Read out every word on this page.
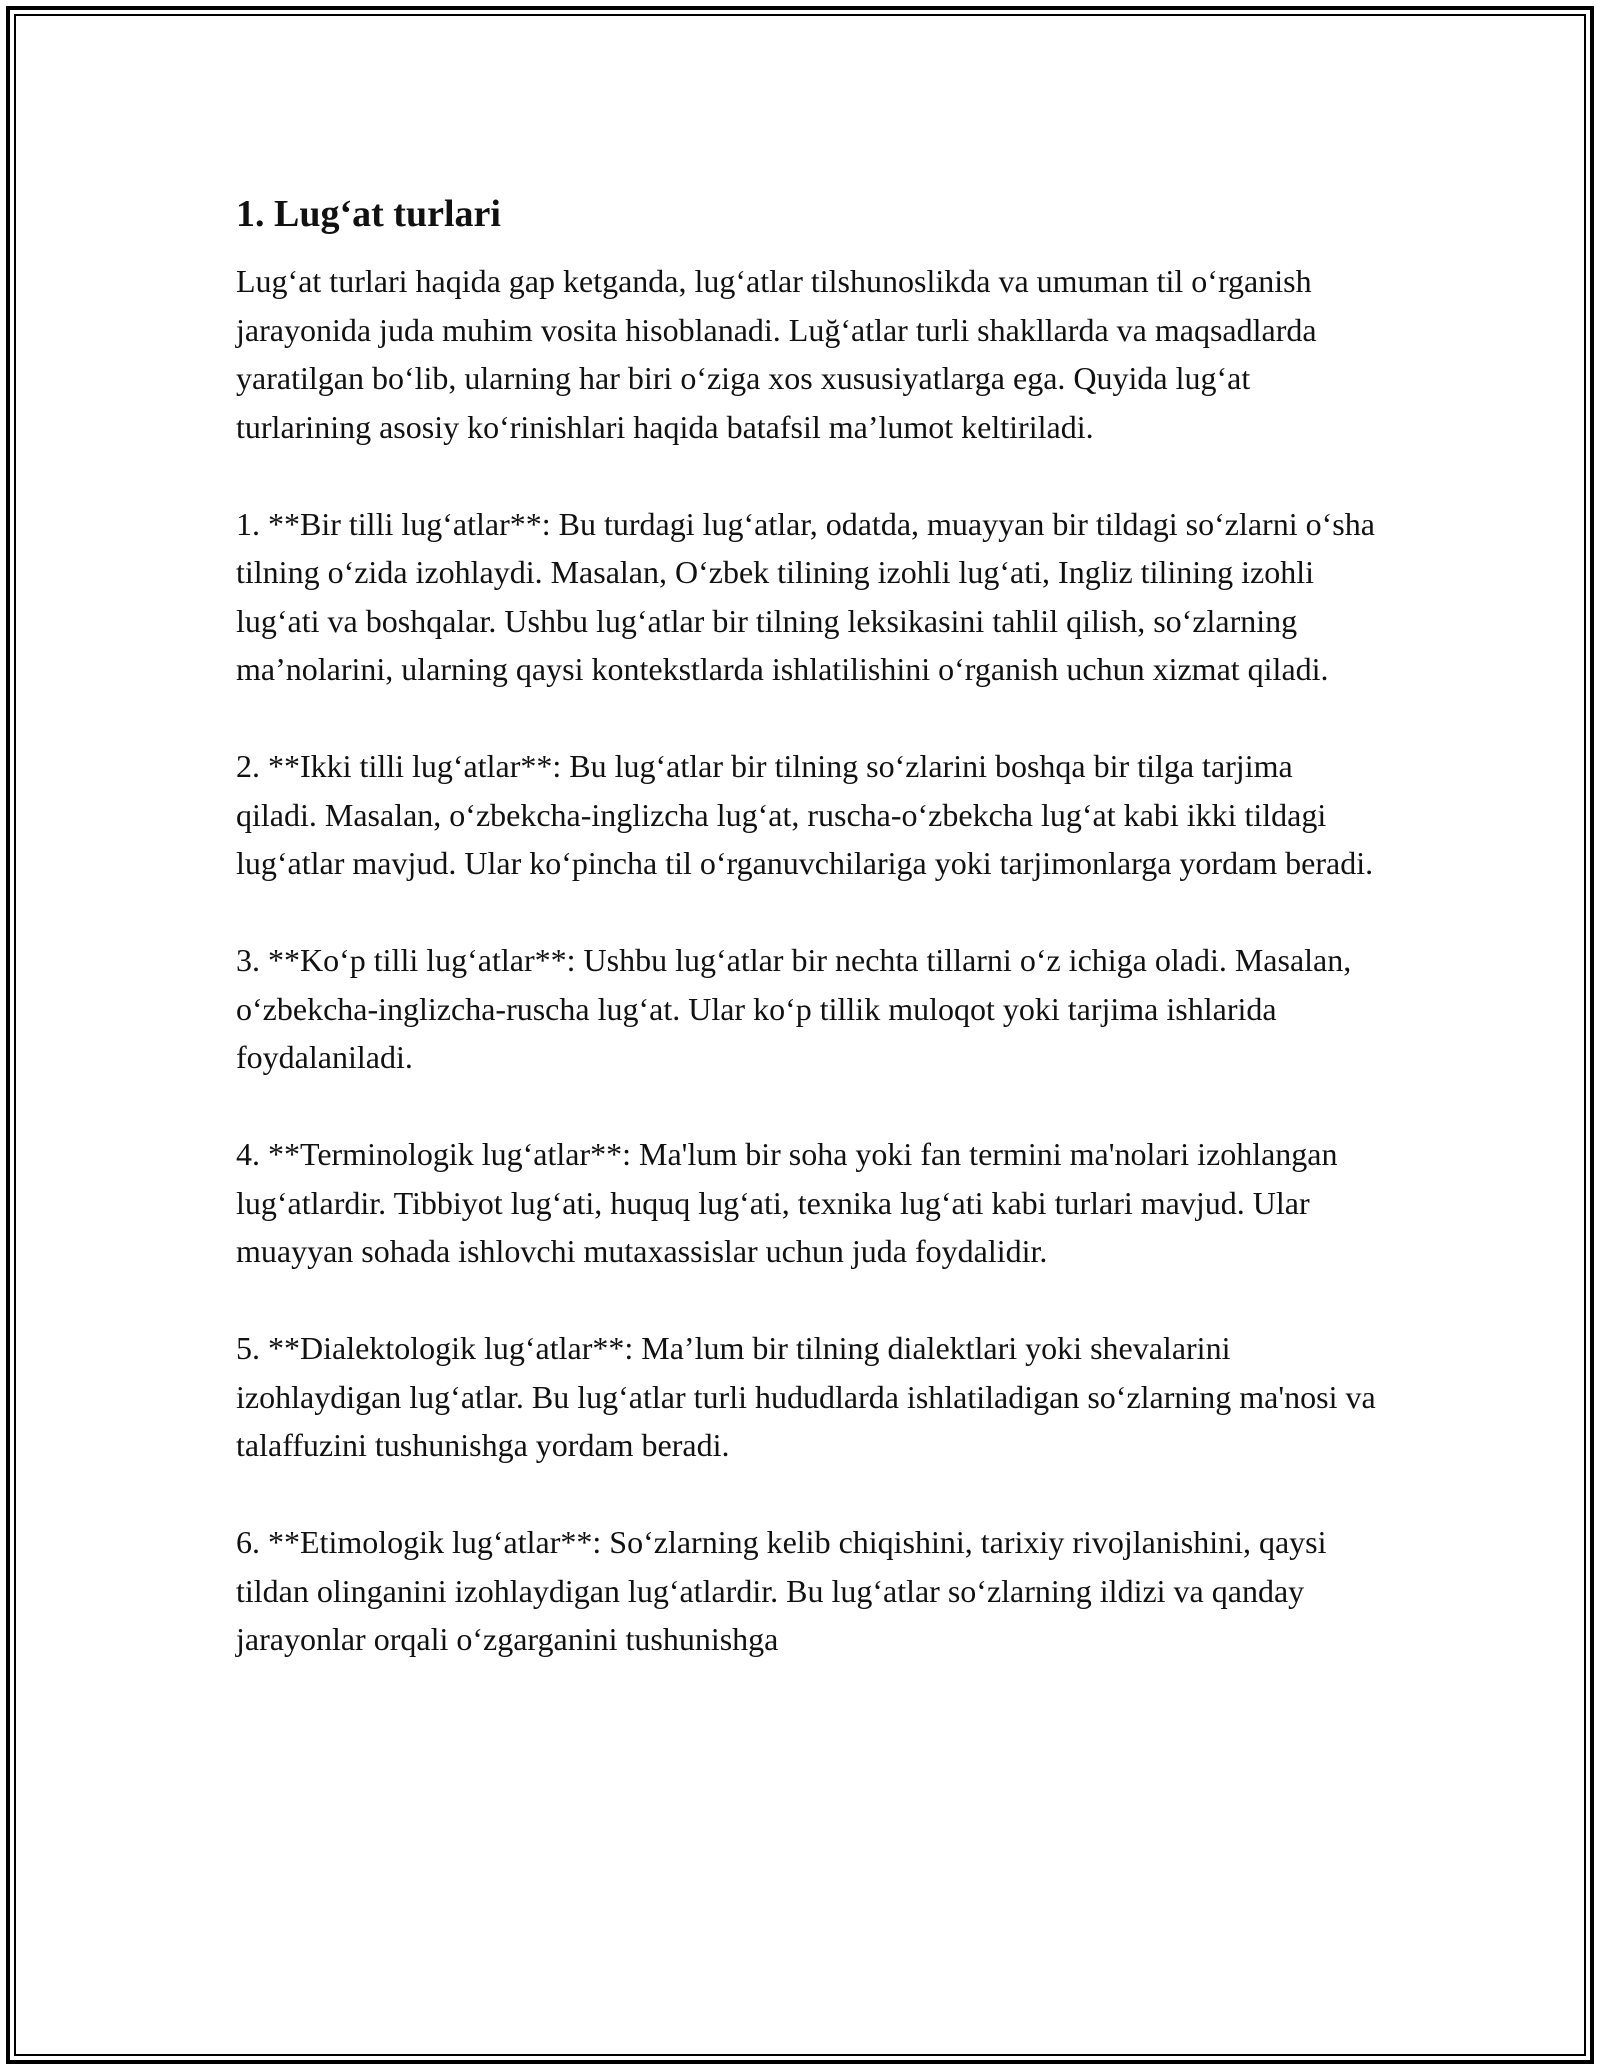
1. Lug‘at turlari

Lug‘at turlari haqida gap ketganda, lug‘atlar tilshunoslikda va umuman til o‘rganish jarayonida juda muhim vosita hisoblanadi. Luğ‘atlar turli shakllarda va maqsadlarda yaratilgan bo‘lib, ularning har biri o‘ziga xos xususiyatlarga ega. Quyida lug‘at turlarining asosiy ko‘rinishlari haqida batafsil ma’lumot keltiriladi.

1. **Bir tilli lug‘atlar**: Bu turdagi lug‘atlar, odatda, muayyan bir tildagi so‘zlarni o‘sha tilning o‘zida izohlaydi. Masalan, O‘zbek tilining izohli lug‘ati, Ingliz tilining izohli lug‘ati va boshqalar. Ushbu lug‘atlar bir tilning leksikasini tahlil qilish, so‘zlarning ma’nolarini, ularning qaysi kontekstlarda ishlatilishini o‘rganish uchun xizmat qiladi.

2. **Ikki tilli lug‘atlar**: Bu lug‘atlar bir tilning so‘zlarini boshqa bir tilga tarjima qiladi. Masalan, o‘zbekcha-inglizcha lug‘at, ruscha-o‘zbekcha lug‘at kabi ikki tildagi lug‘atlar mavjud. Ular ko‘pincha til o‘rganuvchilariga yoki tarjimonlarga yordam beradi.

3. **Ko‘p tilli lug‘atlar**: Ushbu lug‘atlar bir nechta tillarni o‘z ichiga oladi. Masalan, o‘zbekcha-inglizcha-ruscha lug‘at. Ular ko‘p tillik muloqot yoki tarjima ishlarida foydalaniladi.

4. **Terminologik lug‘atlar**: Ma'lum bir soha yoki fan termini ma'nolari izohlangan lug‘atlardir. Tibbiyot lug‘ati, huquq lug‘ati, texnika lug‘ati kabi turlari mavjud. Ular muayyan sohada ishlovchi mutaxassislar uchun juda foydalidir.

5. **Dialektologik lug‘atlar**: Ma’lum bir tilning dialektlari yoki shevalarini izohlaydigan lug‘atlar. Bu lug‘atlar turli hududlarda ishlatiladigan so‘zlarning ma'nosi va talaffuzini tushunishga yordam beradi.

6. **Etimologik lug‘atlar**: So‘zlarning kelib chiqishini, tarixiy rivojlanishini, qaysi tildan olinganini izohlaydigan lug‘atlardir. Bu lug‘atlar so‘zlarning ildizi va qanday jarayonlar orqali o‘zgarganini tushunishga
